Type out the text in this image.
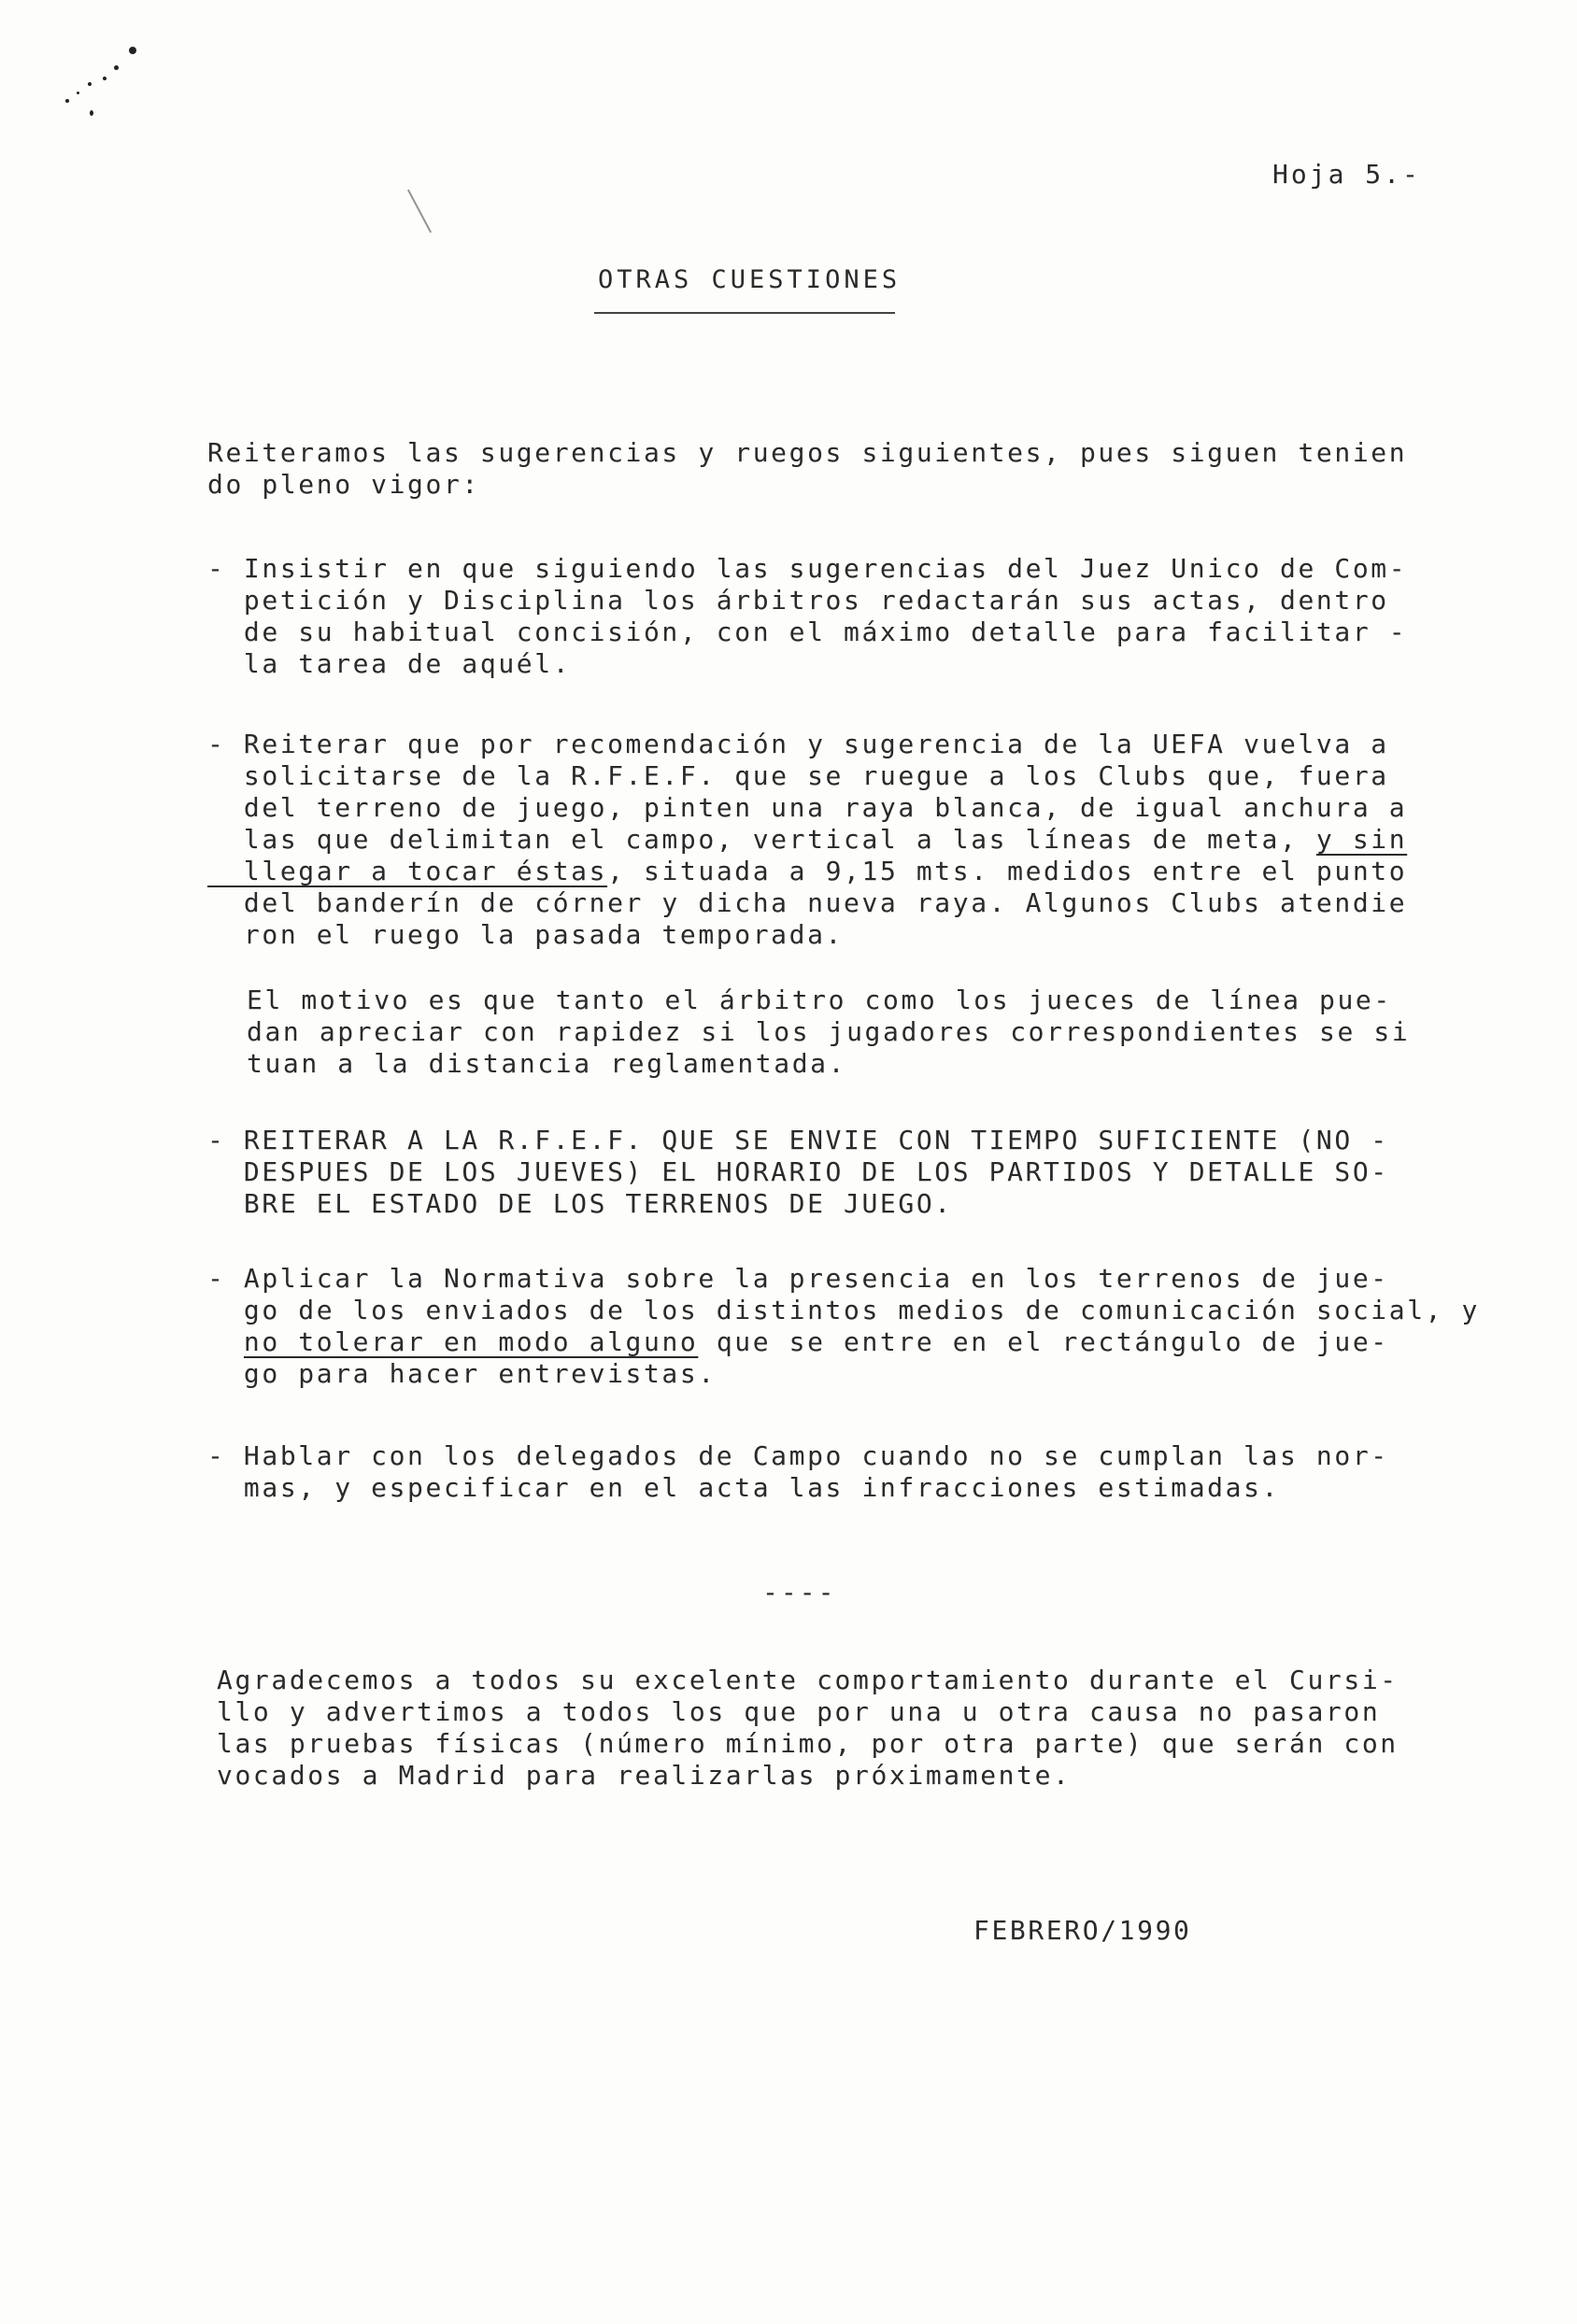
Hoja 5.-
OTRAS CUESTIONES
Reiteramos las sugerencias y ruegos siguientes, pues siguen tenien
do pleno vigor:
- Insistir en que siguiendo las sugerencias del Juez Unico de Com-
petición y Disciplina los árbitros redactarán sus actas, dentro
de su habitual concisión, con el máximo detalle para facilitar -
la tarea de aquél.
- Reiterar que por recomendación y sugerencia de la UEFA vuelva a
solicitarse de la R.F.E.F. que se ruegue a los Clubs que, fuera
del terreno de juego, pinten una raya blanca, de igual anchura a
las que delimitan el campo, vertical a las líneas de meta, y sin
llegar a tocar éstas, situada a 9,15 mts. medidos entre el punto
del banderín de córner y dicha nueva raya. Algunos Clubs atendie
ron el ruego la pasada temporada.
El motivo es que tanto el árbitro como los jueces de línea pue-
dan apreciar con rapidez si los jugadores correspondientes se si
tuan a la distancia reglamentada.
- REITERAR A LA R.F.E.F. QUE SE ENVIE CON TIEMPO SUFICIENTE (NO -
DESPUES DE LOS JUEVES) EL HORARIO DE LOS PARTIDOS Y DETALLE SO-
BRE EL ESTADO DE LOS TERRENOS DE JUEGO.
- Aplicar la Normativa sobre la presencia en los terrenos de jue-
go de los enviados de los distintos medios de comunicación social, y
no tolerar en modo alguno que se entre en el rectángulo de jue-
go para hacer entrevistas.
- Hablar con los delegados de Campo cuando no se cumplan las nor-
mas, y especificar en el acta las infracciones estimadas.
----
Agradecemos a todos su excelente comportamiento durante el Cursi-
llo y advertimos a todos los que por una u otra causa no pasaron
las pruebas físicas (número mínimo, por otra parte) que serán con
vocados a Madrid para realizarlas próximamente.
FEBRERO/1990
